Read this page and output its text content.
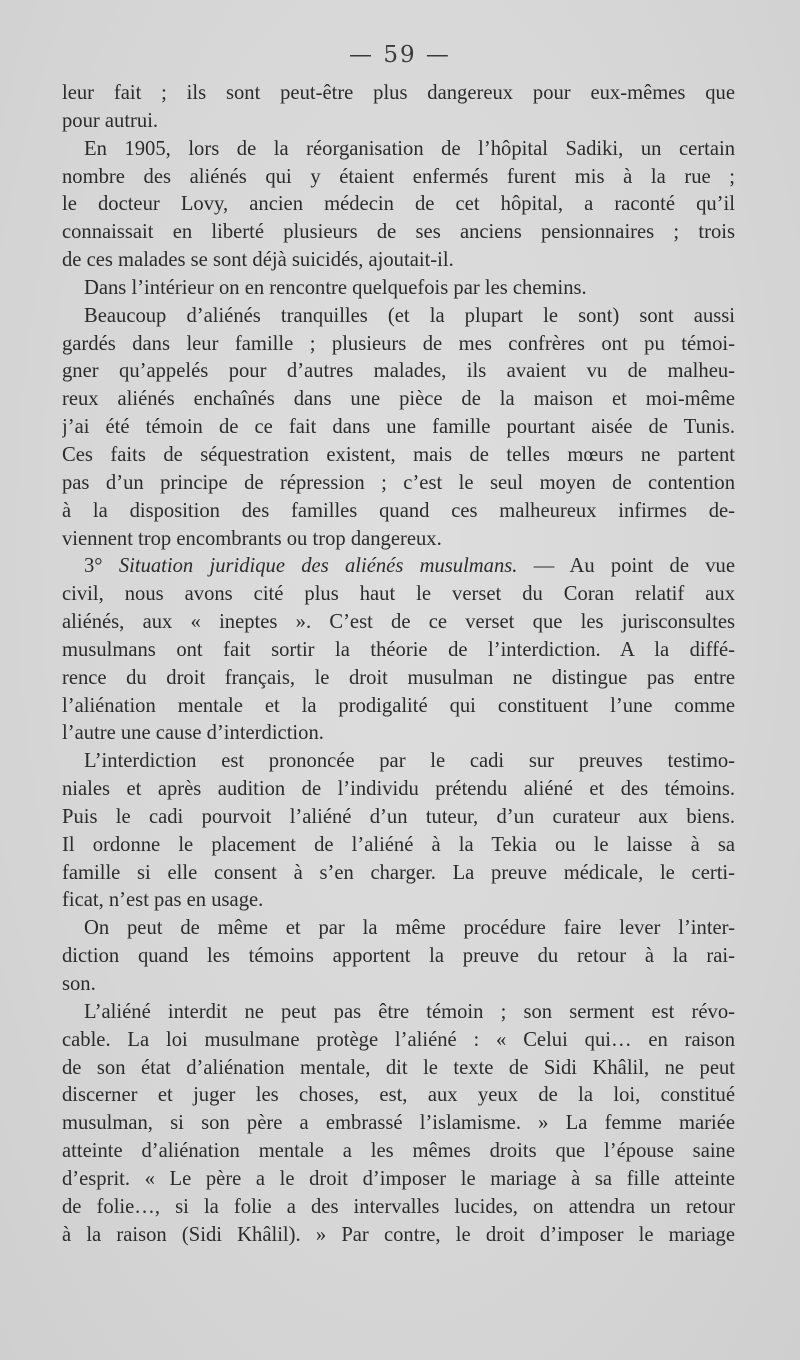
— 59 —
leur fait ; ils sont peut-être plus dangereux pour eux-mêmes que
pour autrui.
En 1905, lors de la réorganisation de l’hôpital Sadiki, un certain
nombre des aliénés qui y étaient enfermés furent mis à la rue ;
le docteur Lovy, ancien médecin de cet hôpital, a raconté qu’il
connaissait en liberté plusieurs de ses anciens pensionnaires ; trois
de ces malades se sont déjà suicidés, ajoutait-il.
Dans l’intérieur on en rencontre quelquefois par les chemins.
Beaucoup d’aliénés tranquilles (et la plupart le sont) sont aussi
gardés dans leur famille ; plusieurs de mes confrères ont pu témoi-
gner qu’appelés pour d’autres malades, ils avaient vu de malheu-
reux aliénés enchaînés dans une pièce de la maison et moi-même
j’ai été témoin de ce fait dans une famille pourtant aisée de Tunis.
Ces faits de séquestration existent, mais de telles mœurs ne partent
pas d’un principe de répression ; c’est le seul moyen de contention
à la disposition des familles quand ces malheureux infirmes de-
viennent trop encombrants ou trop dangereux.
3° Situation juridique des aliénés musulmans. — Au point de vue
civil, nous avons cité plus haut le verset du Coran relatif aux
aliénés, aux « ineptes ». C’est de ce verset que les jurisconsultes
musulmans ont fait sortir la théorie de l’interdiction. A la diffé-
rence du droit français, le droit musulman ne distingue pas entre
l’aliénation mentale et la prodigalité qui constituent l’une comme
l’autre une cause d’interdiction.
L’interdiction est prononcée par le cadi sur preuves testimo-
niales et après audition de l’individu prétendu aliéné et des témoins.
Puis le cadi pourvoit l’aliéné d’un tuteur, d’un curateur aux biens.
Il ordonne le placement de l’aliéné à la Tekia ou le laisse à sa
famille si elle consent à s’en charger. La preuve médicale, le certi-
ficat, n’est pas en usage.
On peut de même et par la même procédure faire lever l’inter-
diction quand les témoins apportent la preuve du retour à la rai-
son.
L’aliéné interdit ne peut pas être témoin ; son serment est révo-
cable. La loi musulmane protège l’aliéné : « Celui qui… en raison
de son état d’aliénation mentale, dit le texte de Sidi Khâlil, ne peut
discerner et juger les choses, est, aux yeux de la loi, constitué
musulman, si son père a embrassé l’islamisme. » La femme mariée
atteinte d’aliénation mentale a les mêmes droits que l’épouse saine
d’esprit. « Le père a le droit d’imposer le mariage à sa fille atteinte
de folie…, si la folie a des intervalles lucides, on attendra un retour
à la raison (Sidi Khâlil). » Par contre, le droit d’imposer le mariage
